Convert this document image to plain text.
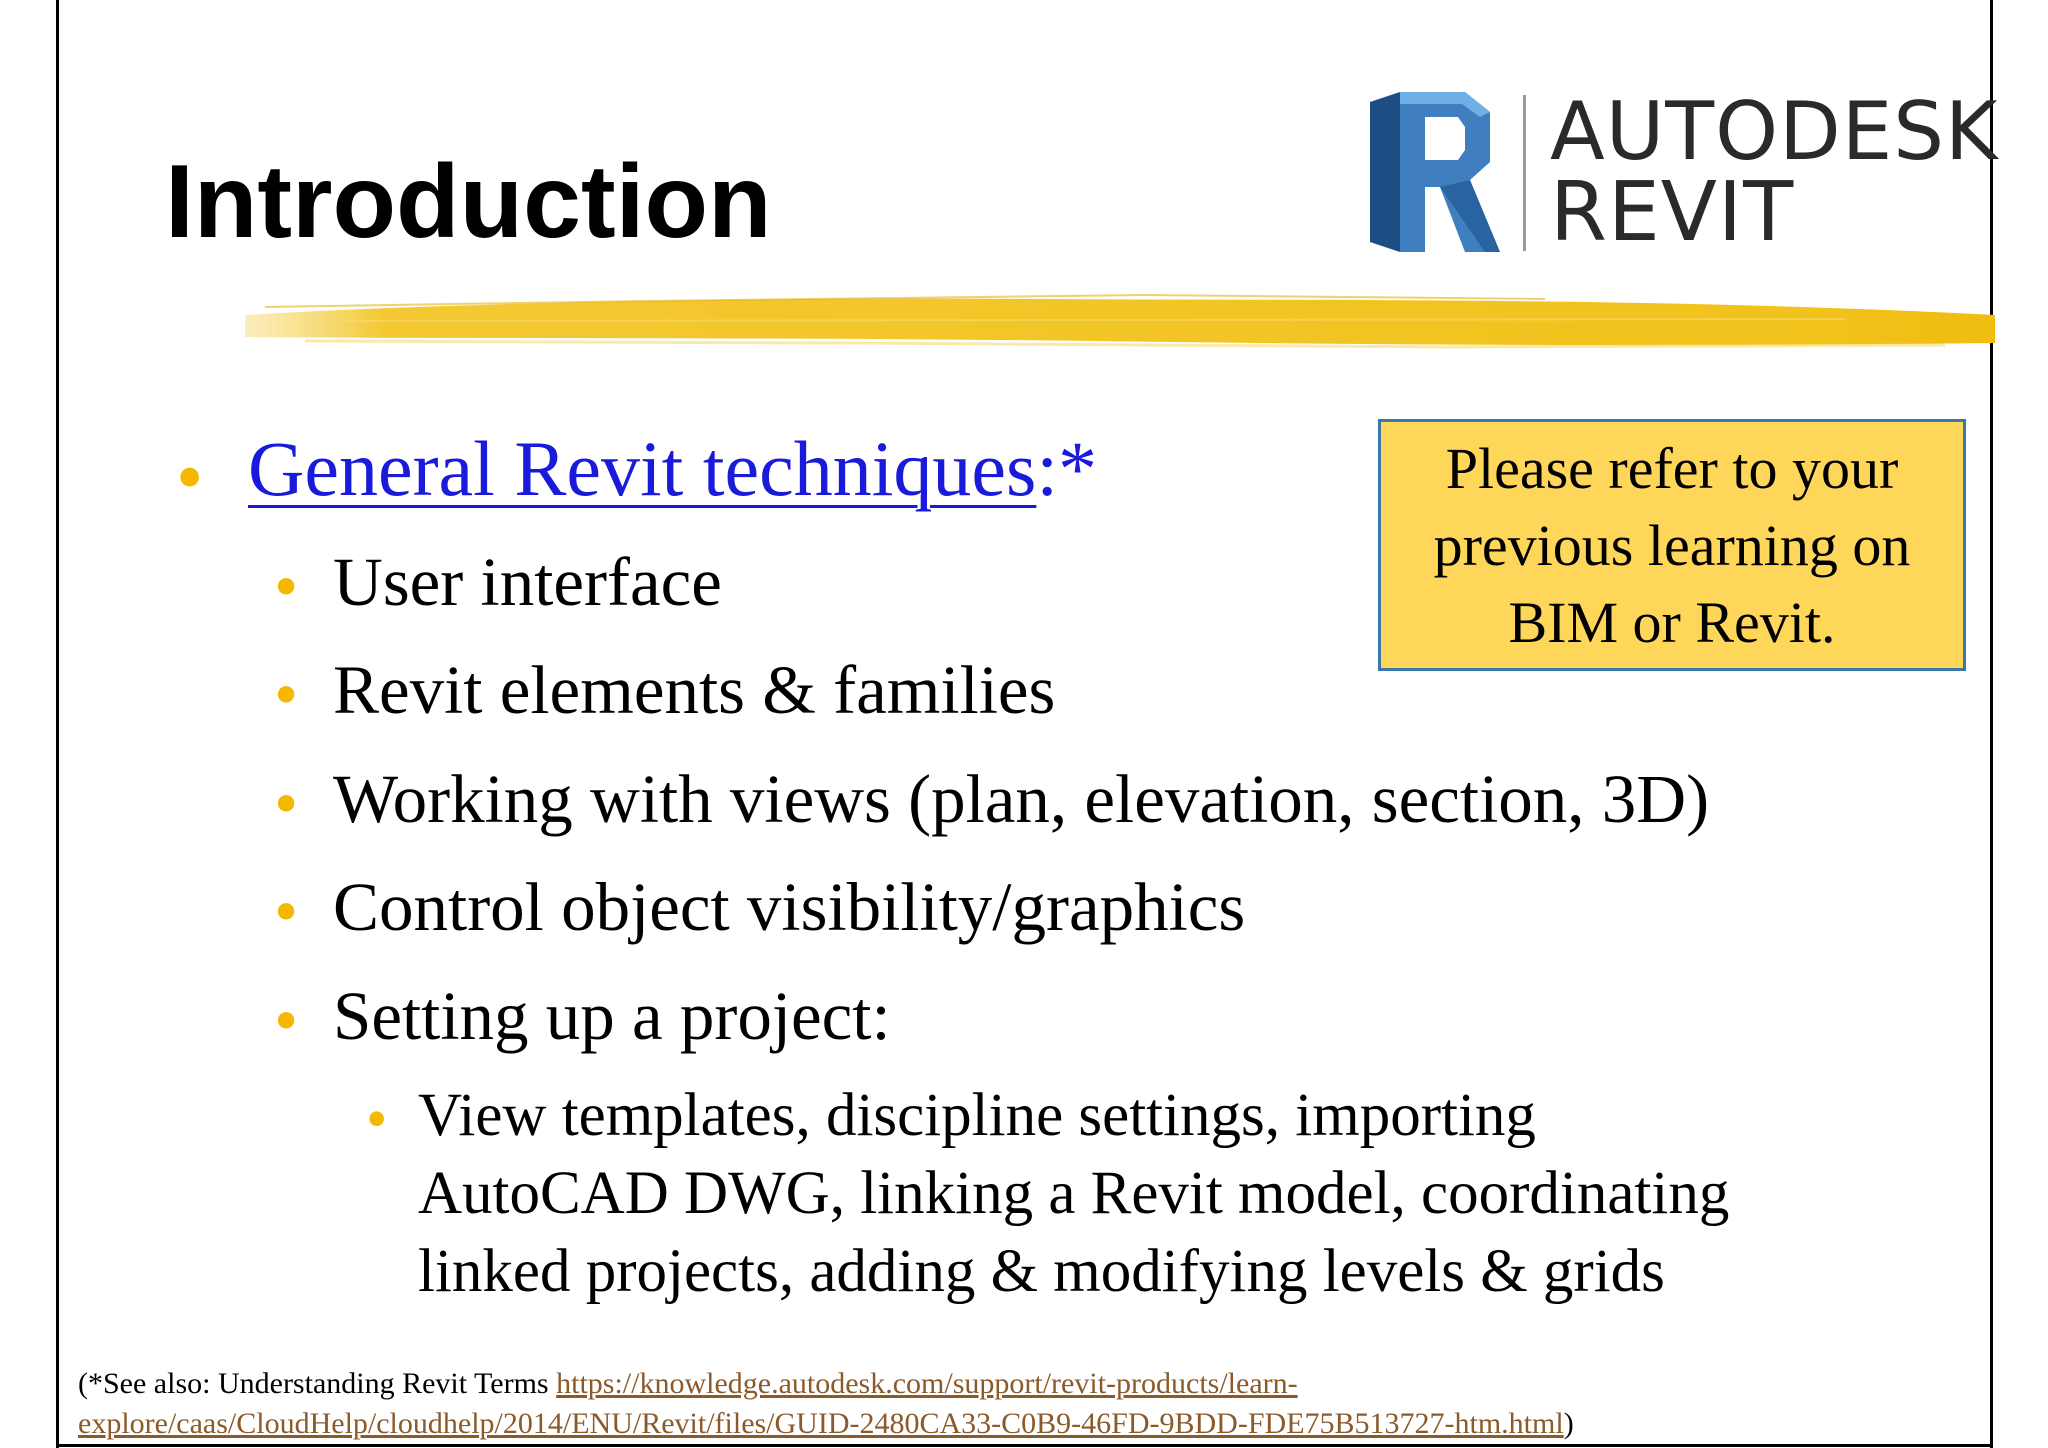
Introduction
AUTODESK
REVIT
Please refer to your
previous learning on
BIM or Revit.
• General Revit techniques:*
• User interface
• Revit elements & families
• Working with views (plan, elevation, section, 3D)
• Control object visibility/graphics
• Setting up a project:
• View templates, discipline settings, importing
AutoCAD DWG, linking a Revit model, coordinating
linked projects, adding & modifying levels & grids
(*See also: Understanding Revit Terms https://knowledge.autodesk.com/support/revit-products/learn-
explore/caas/CloudHelp/cloudhelp/2014/ENU/Revit/files/GUID-2480CA33-C0B9-46FD-9BDD-FDE75B513727-htm.html)
